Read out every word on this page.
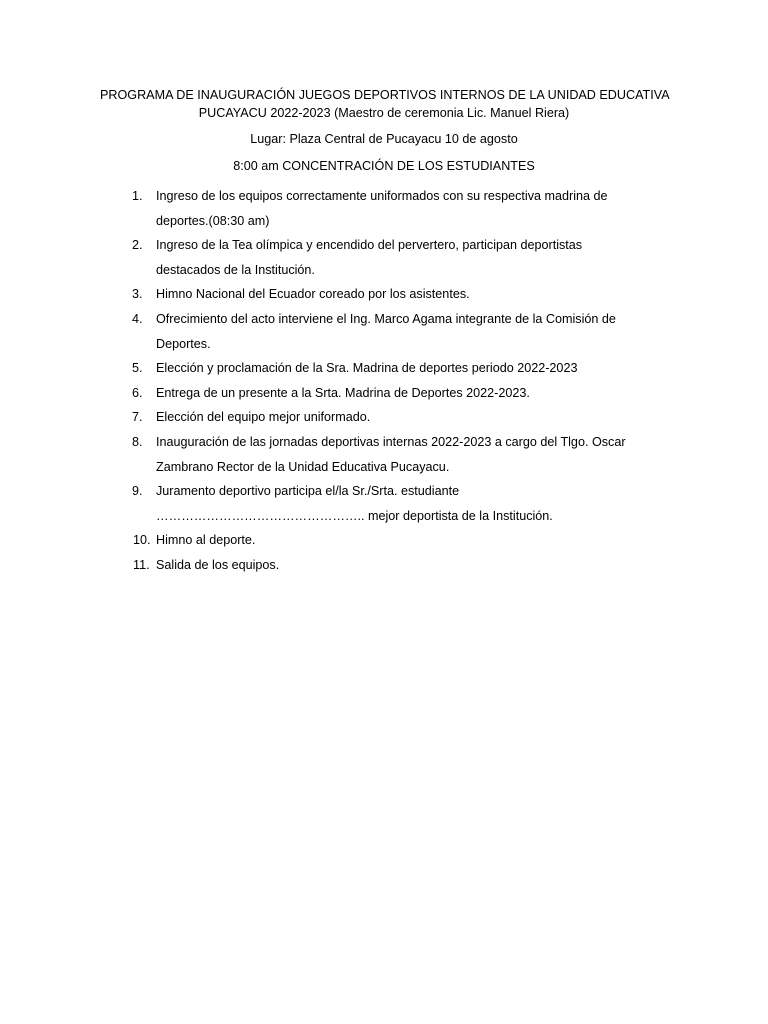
PROGRAMA DE INAUGURACIÓN JUEGOS DEPORTIVOS INTERNOS DE LA UNIDAD EDUCATIVA
PUCAYACU 2022-2023 (Maestro de ceremonia Lic. Manuel Riera)
Lugar: Plaza Central de Pucayacu 10 de agosto
8:00 am CONCENTRACIÓN DE LOS ESTUDIANTES
1. Ingreso de los equipos correctamente uniformados con su respectiva madrina de deportes.(08:30 am)
2. Ingreso de la Tea olímpica y encendido del pervertero, participan deportistas destacados de la Institución.
3. Himno Nacional del Ecuador coreado por los asistentes.
4. Ofrecimiento del acto interviene el Ing. Marco Agama integrante de la Comisión de Deportes.
5. Elección y proclamación de la Sra. Madrina de deportes periodo 2022-2023
6. Entrega de un presente a la Srta. Madrina de Deportes 2022-2023.
7. Elección del equipo mejor uniformado.
8. Inauguración de las jornadas deportivas internas 2022-2023 a cargo del Tlgo. Oscar Zambrano Rector de la Unidad Educativa Pucayacu.
9. Juramento deportivo participa el/la Sr./Srta. estudiante ………………………………………….. mejor deportista de la Institución.
10. Himno al deporte.
11. Salida de los equipos.
